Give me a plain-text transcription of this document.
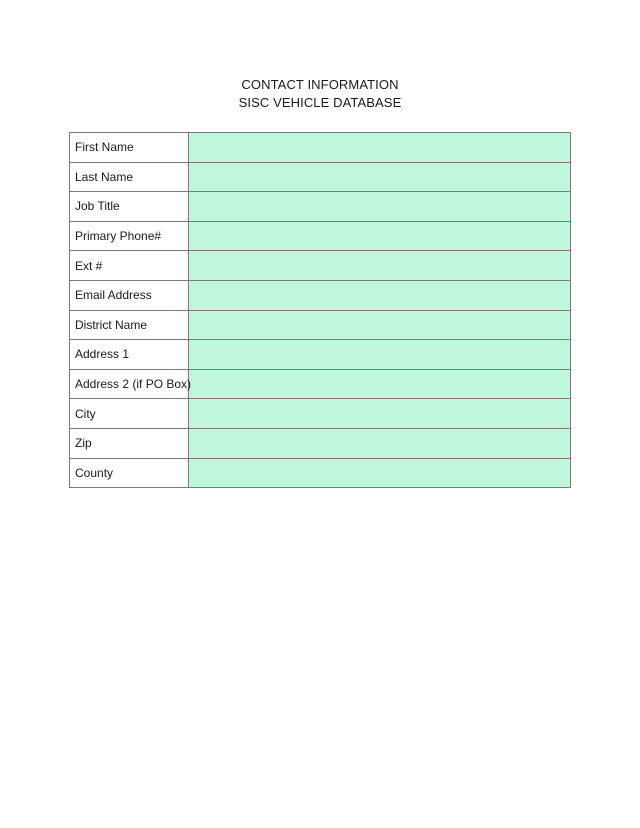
CONTACT INFORMATION
SISC VEHICLE DATABASE
First Name	

Last Name	

Job Title	

Primary Phone#	

Ext #	

Email Address	

District Name	

Address 1	

Address 2 (if PO Box)	

City	

Zip	

County	
